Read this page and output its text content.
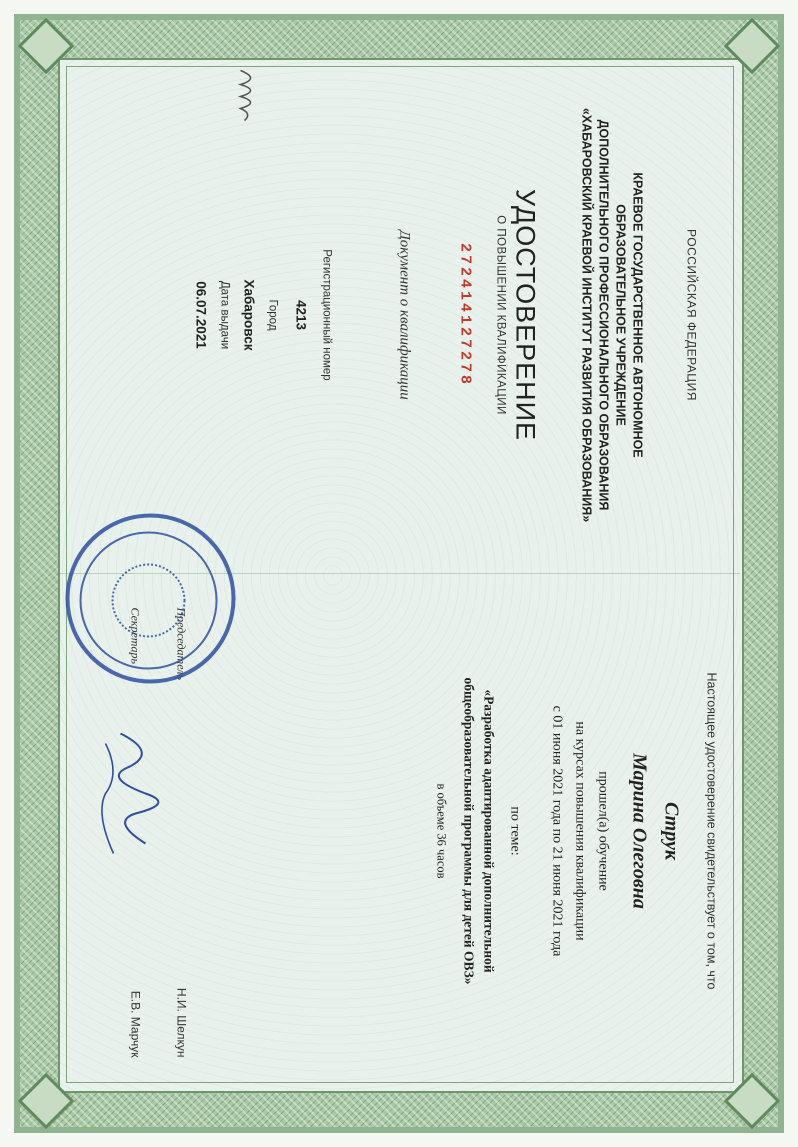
РОССИЙСКАЯ ФЕДЕРАЦИЯ
КРАЕВОЕ ГОСУДАРСТВЕННОЕ АВТОНОМНОЕ
ОБРАЗОВАТЕЛЬНОЕ УЧРЕЖДЕНИЕ
ДОПОЛНИТЕЛЬНОГО ПРОФЕССИОНАЛЬНОГО ОБРАЗОВАНИЯ
«ХАБАРОВСКИЙ КРАЕВОЙ ИНСТИТУТ РАЗВИТИЯ ОБРАЗОВАНИЯ»
УДОСТОВЕРЕНИЕ
О ПОВЫШЕНИИ КВАЛИФИКАЦИИ
272414127278
Документ о квалификации
Регистрационный номер
4213
Город
Хабаровск
Дата выдачи
06.07.2021
Настоящее удостоверение свидетельствует о том, что
Струк
Марина Олеговна
прошел(а) обучение
на курсах повышения квалификации
с 01 июня 2021 года по 21 июня 2021 года
по теме:
«Разработка адаптированной дополнительной
общеобразовательной программы для детей ОВЗ»
в объеме 36 часов
Председатель
Н.И. Шелкун
Секретарь
Е.В. Марчук
